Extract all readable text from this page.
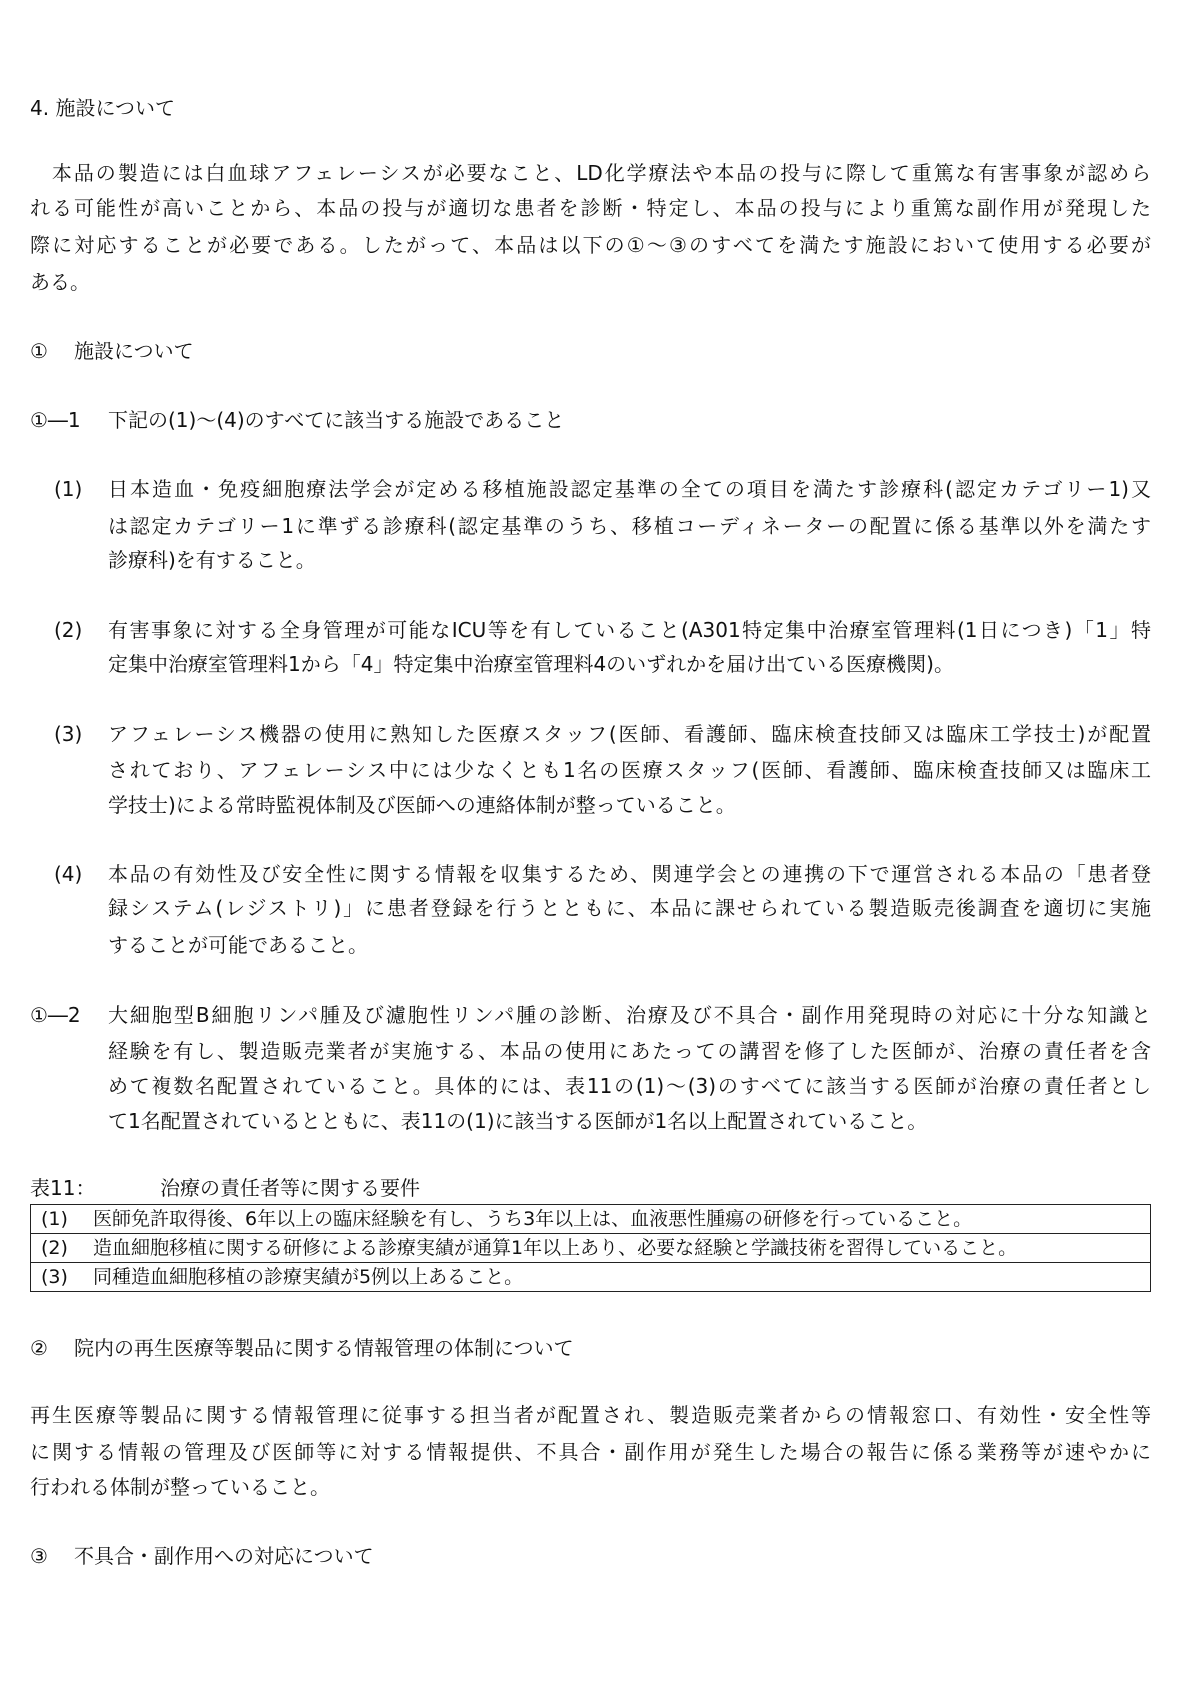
4. 施設について
　本品の製造には白血球アフェレーシスが必要なこと、LD化学療法や本品の投与に際して重篤な有害事象が認めら
れる可能性が高いことから、本品の投与が適切な患者を診断・特定し、本品の投与により重篤な副作用が発現した
際に対応することが必要である。したがって、本品は以下の①～③のすべてを満たす施設において使用する必要が
ある。
① 施設について
①―1 下記の(1)～(4)のすべてに該当する施設であること
(1) 日本造血・免疫細胞療法学会が定める移植施設認定基準の全ての項目を満たす診療科(認定カテゴリー1)又
は認定カテゴリー1に準ずる診療科(認定基準のうち、移植コーディネーターの配置に係る基準以外を満たす
診療科)を有すること。
(2) 有害事象に対する全身管理が可能なICU等を有していること(A301特定集中治療室管理料(1日につき)「1」特
定集中治療室管理料1から「4」特定集中治療室管理料4のいずれかを届け出ている医療機関)。
(3) アフェレーシス機器の使用に熟知した医療スタッフ(医師、看護師、臨床検査技師又は臨床工学技士)が配置
されており、アフェレーシス中には少なくとも1名の医療スタッフ(医師、看護師、臨床検査技師又は臨床工
学技士)による常時監視体制及び医師への連絡体制が整っていること。
(4) 本品の有効性及び安全性に関する情報を収集するため、関連学会との連携の下で運営される本品の「患者登
録システム(レジストリ)」に患者登録を行うとともに、本品に課せられている製造販売後調査を適切に実施
することが可能であること。
①―2 大細胞型B細胞リンパ腫及び濾胞性リンパ腫の診断、治療及び不具合・副作用発現時の対応に十分な知識と
経験を有し、製造販売業者が実施する、本品の使用にあたっての講習を修了した医師が、治療の責任者を含
めて複数名配置されていること。具体的には、表11の(1)～(3)のすべてに該当する医師が治療の責任者とし
て1名配置されているとともに、表11の(1)に該当する医師が1名以上配置されていること。
表11：	治療の責任者等に関する要件
(1) 医師免許取得後、6年以上の臨床経験を有し、うち3年以上は、血液悪性腫瘍の研修を行っていること。
(2) 造血細胞移植に関する研修による診療実績が通算1年以上あり、必要な経験と学識技術を習得していること。
(3) 同種造血細胞移植の診療実績が5例以上あること。
② 院内の再生医療等製品に関する情報管理の体制について
再生医療等製品に関する情報管理に従事する担当者が配置され、製造販売業者からの情報窓口、有効性・安全性等
に関する情報の管理及び医師等に対する情報提供、不具合・副作用が発生した場合の報告に係る業務等が速やかに
行われる体制が整っていること。
③ 不具合・副作用への対応について
